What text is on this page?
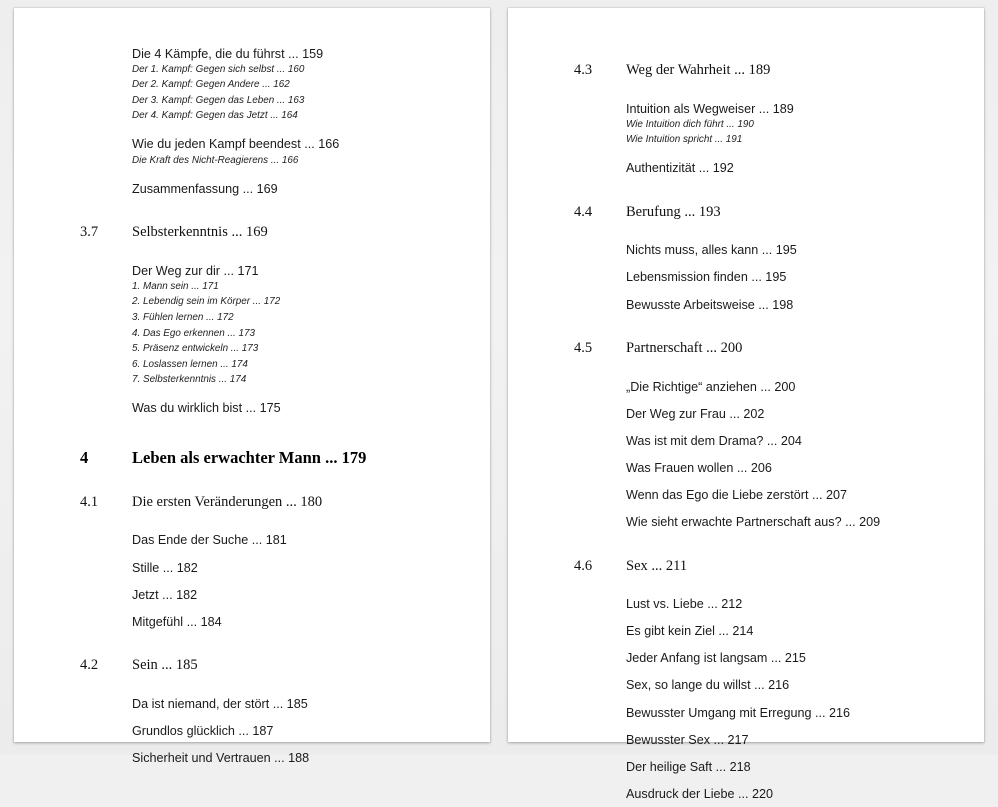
Die 4 Kämpfe, die du führst ... 159
Der 1. Kampf: Gegen sich selbst ... 160
Der 2. Kampf: Gegen Andere ... 162
Der 3. Kampf: Gegen das Leben ... 163
Der 4. Kampf: Gegen das Jetzt ... 164
Wie du jeden Kampf beendest ... 166
Die Kraft des Nicht-Reagierens ... 166
Zusammenfassung ... 169
3.7	Selbsterkenntnis ... 169
Der Weg zur dir ... 171
1. Mann sein ... 171
2. Lebendig sein im Körper ... 172
3. Fühlen lernen ... 172
4. Das Ego erkennen ... 173
5. Präsenz entwickeln ... 173
6. Loslassen lernen ... 174
7. Selbsterkenntnis ... 174
Was du wirklich bist ... 175
4	Leben als erwachter Mann ... 179
4.1	Die ersten Veränderungen ... 180
Das Ende der Suche ... 181
Stille ... 182
Jetzt ... 182
Mitgefühl ... 184
4.2	Sein ... 185
Da ist niemand, der stört ... 185
Grundlos glücklich ... 187
Sicherheit und Vertrauen ... 188
4.3	Weg der Wahrheit ... 189
Intuition als Wegweiser ... 189
Wie Intuition dich führt ... 190
Wie Intuition spricht ... 191
Authentizität ... 192
4.4	Berufung ... 193
Nichts muss, alles kann ... 195
Lebensmission finden ... 195
Bewusste Arbeitsweise ... 198
4.5	Partnerschaft ... 200
„Die Richtige“ anziehen ... 200
Der Weg zur Frau ... 202
Was ist mit dem Drama? ... 204
Was Frauen wollen ... 206
Wenn das Ego die Liebe zerstört ... 207
Wie sieht erwachte Partnerschaft aus? ... 209
4.6	Sex ... 211
Lust vs. Liebe ... 212
Es gibt kein Ziel ... 214
Jeder Anfang ist langsam ... 215
Sex, so lange du willst ... 216
Bewusster Umgang mit Erregung ... 216
Bewusster Sex ... 217
Der heilige Saft ... 218
Ausdruck der Liebe ... 220
